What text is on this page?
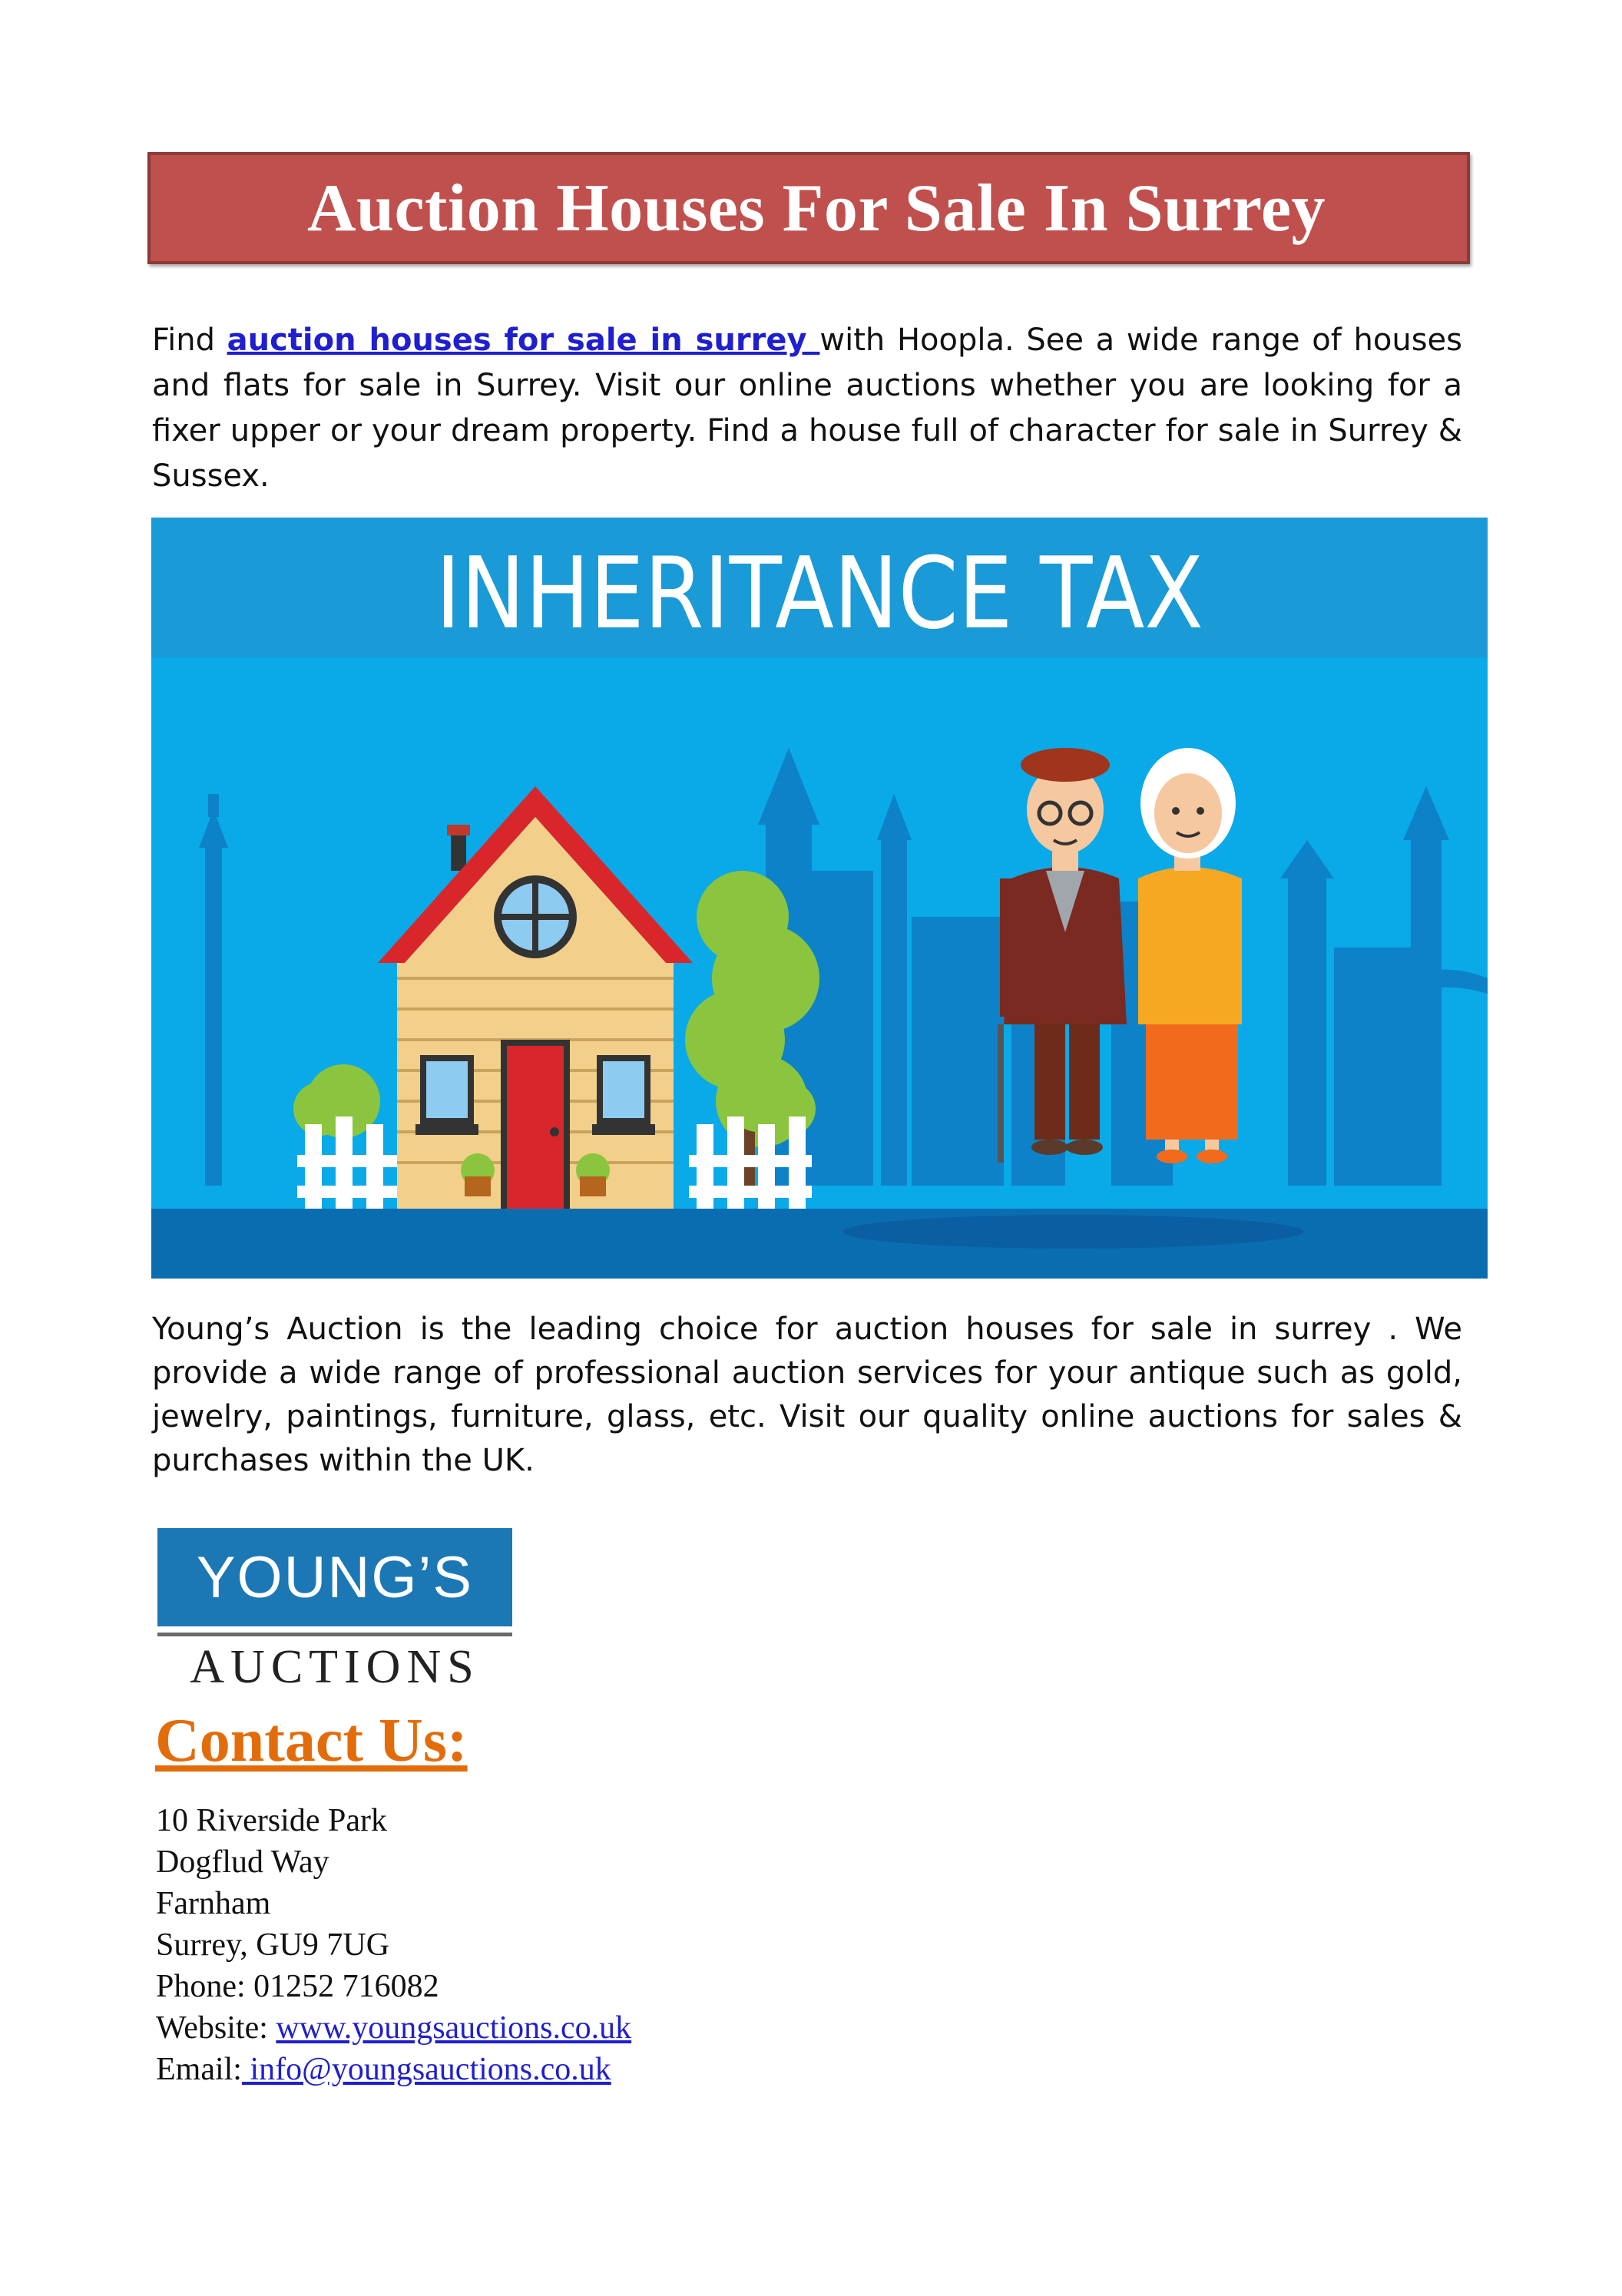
Auction Houses For Sale In Surrey

Find auction houses for sale in surrey with Hoopla. See a wide range of houses and flats for sale in Surrey. Visit our online auctions whether you are looking for a fixer upper or your dream property. Find a house full of character for sale in Surrey & Sussex.

INHERITANCE TAX

Young’s Auction is the leading choice for auction houses for sale in surrey . We provide a wide range of professional auction services for your antique such as gold, jewelry, paintings, furniture, glass, etc. Visit our quality online auctions for sales & purchases within the UK.

YOUNG’S
AUCTIONS
Contact Us:
10 Riverside Park
Dogflud Way
Farnham
Surrey, GU9 7UG
Phone: 01252 716082
Website: www.youngsauctions.co.uk
Email: info@youngsauctions.co.uk
